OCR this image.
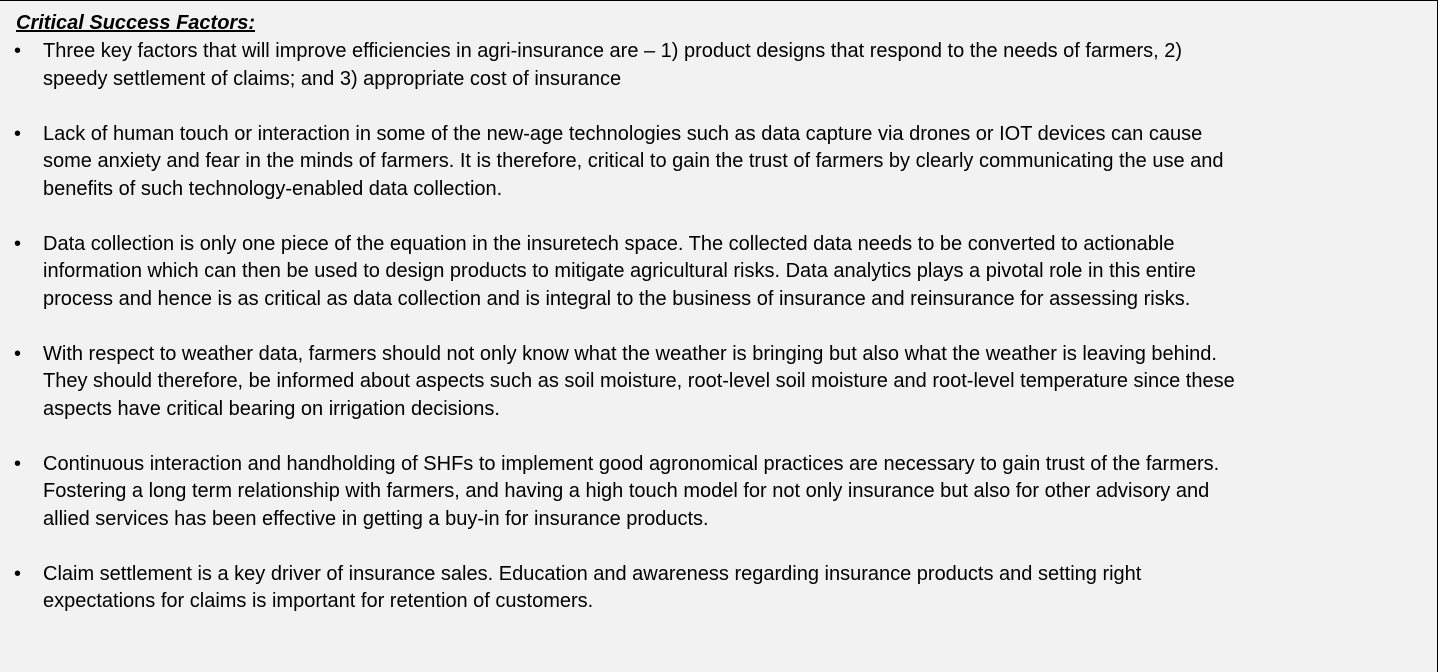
Critical Success Factors:
• Three key factors that will improve efficiencies in agri-insurance are – 1) product designs that respond to the needs of farmers, 2)
speedy settlement of claims; and 3) appropriate cost of insurance
• Lack of human touch or interaction in some of the new-age technologies such as data capture via drones or IOT devices can cause
some anxiety and fear in the minds of farmers. It is therefore, critical to gain the trust of farmers by clearly communicating the use and
benefits of such technology-enabled data collection.
• Data collection is only one piece of the equation in the insuretech space. The collected data needs to be converted to actionable
information which can then be used to design products to mitigate agricultural risks. Data analytics plays a pivotal role in this entire
process and hence is as critical as data collection and is integral to the business of insurance and reinsurance for assessing risks.
• With respect to weather data, farmers should not only know what the weather is bringing but also what the weather is leaving behind.
They should therefore, be informed about aspects such as soil moisture, root-level soil moisture and root-level temperature since these
aspects have critical bearing on irrigation decisions.
• Continuous interaction and handholding of SHFs to implement good agronomical practices are necessary to gain trust of the farmers.
Fostering a long term relationship with farmers, and having a high touch model for not only insurance but also for other advisory and
allied services has been effective in getting a buy-in for insurance products.
• Claim settlement is a key driver of insurance sales. Education and awareness regarding insurance products and setting right
expectations for claims is important for retention of customers.
